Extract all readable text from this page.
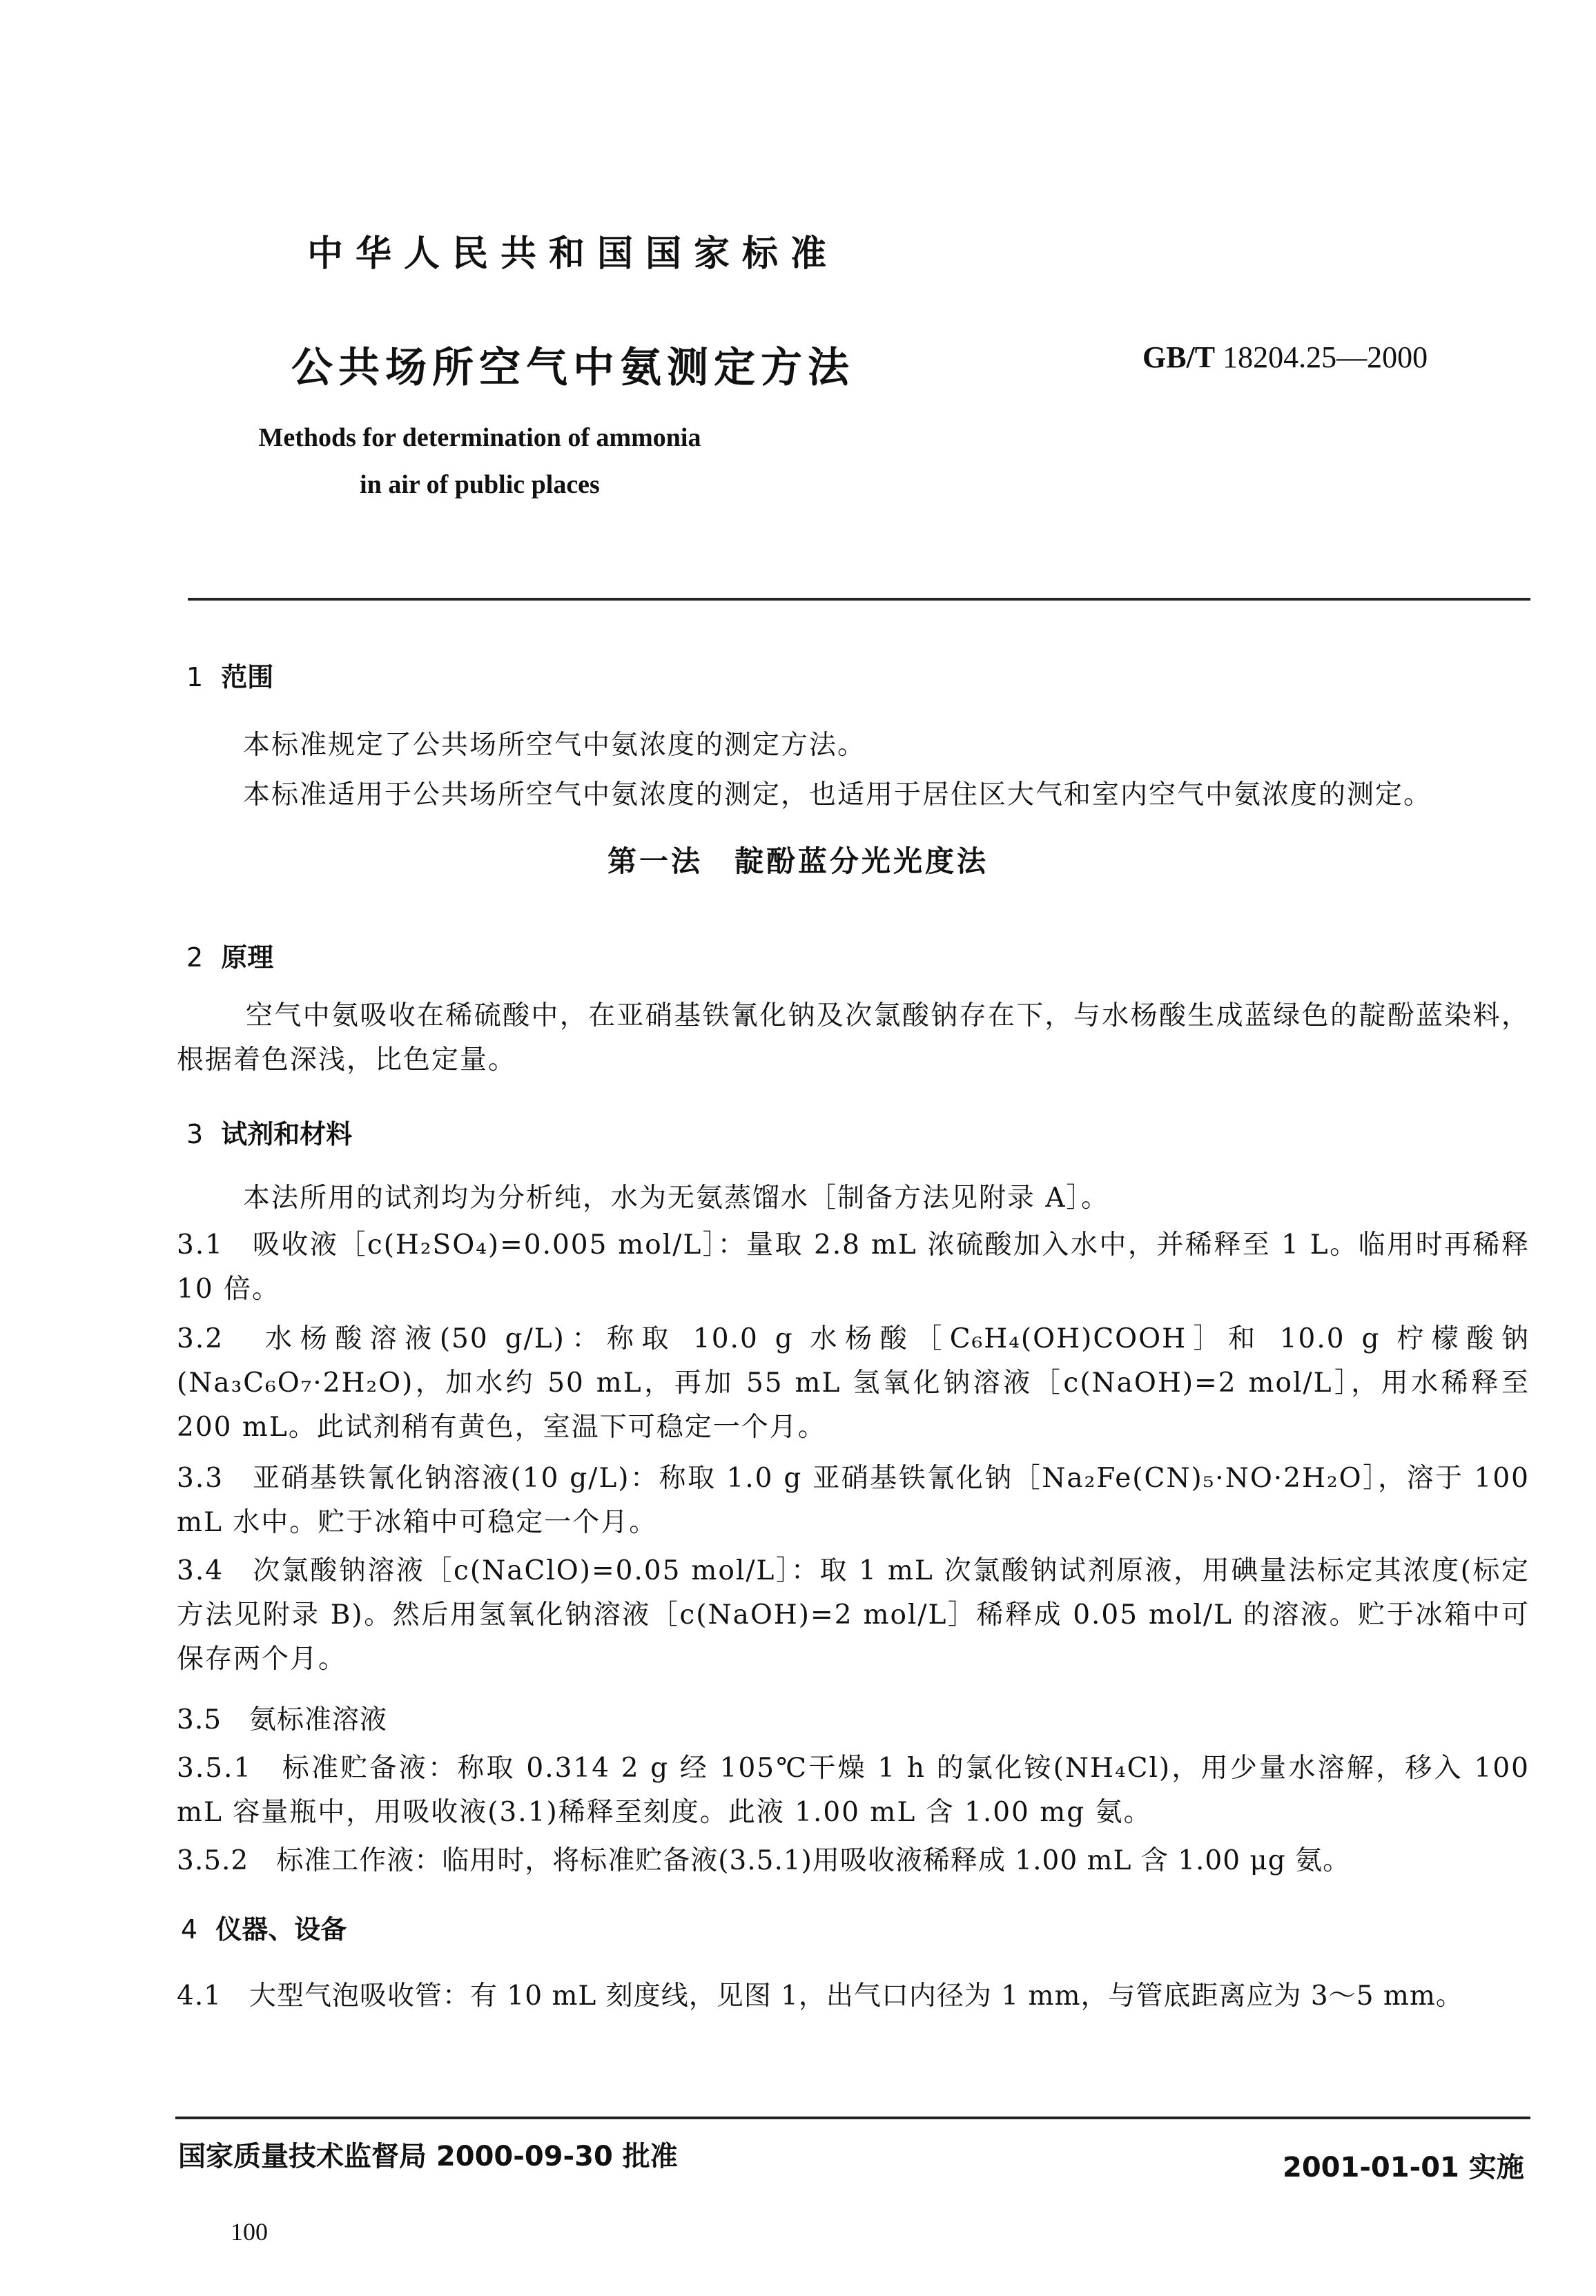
中华人民共和国国家标准
公共场所空气中氨测定方法	GB/T 18204.25—2000
Methods for determination of ammonia
in air of public places
1 范围
本标准规定了公共场所空气中氨浓度的测定方法。
本标准适用于公共场所空气中氨浓度的测定，也适用于居住区大气和室内空气中氨浓度的测定。
第一法　靛酚蓝分光光度法
2 原理
空气中氨吸收在稀硫酸中，在亚硝基铁氰化钠及次氯酸钠存在下，与水杨酸生成蓝绿色的靛酚蓝染料，根据着色深浅，比色定量。
3 试剂和材料
本法所用的试剂均为分析纯，水为无氨蒸馏水［制备方法见附录 A］。
3.1　吸收液［c(H₂SO₄)=0.005 mol/L］：量取 2.8 mL 浓硫酸加入水中，并稀释至 1 L。临用时再稀释 10 倍。
3.2　水杨酸溶液(50 g/L)：称取 10.0 g 水杨酸［C₆H₄(OH)COOH］和 10.0 g 柠檬酸钠(Na₃C₆O₇·2H₂O)，加水约 50 mL，再加 55 mL 氢氧化钠溶液［c(NaOH)=2 mol/L］，用水稀释至 200 mL。此试剂稍有黄色，室温下可稳定一个月。
3.3　亚硝基铁氰化钠溶液(10 g/L)：称取 1.0 g 亚硝基铁氰化钠［Na₂Fe(CN)₅·NO·2H₂O］，溶于 100 mL 水中。贮于冰箱中可稳定一个月。
3.4　次氯酸钠溶液［c(NaClO)=0.05 mol/L］：取 1 mL 次氯酸钠试剂原液，用碘量法标定其浓度(标定方法见附录 B)。然后用氢氧化钠溶液［c(NaOH)=2 mol/L］稀释成 0.05 mol/L 的溶液。贮于冰箱中可保存两个月。
3.5　氨标准溶液
3.5.1　标准贮备液：称取 0.314 2 g 经 105℃干燥 1 h 的氯化铵(NH₄Cl)，用少量水溶解，移入 100 mL 容量瓶中，用吸收液(3.1)稀释至刻度。此液 1.00 mL 含 1.00 mg 氨。
3.5.2　标准工作液：临用时，将标准贮备液(3.5.1)用吸收液稀释成 1.00 mL 含 1.00 μg 氨。
4 仪器、设备
4.1　大型气泡吸收管：有 10 mL 刻度线，见图 1，出气口内径为 1 mm，与管底距离应为 3～5 mm。
国家质量技术监督局 2000-09-30 批准	2001-01-01 实施
100
